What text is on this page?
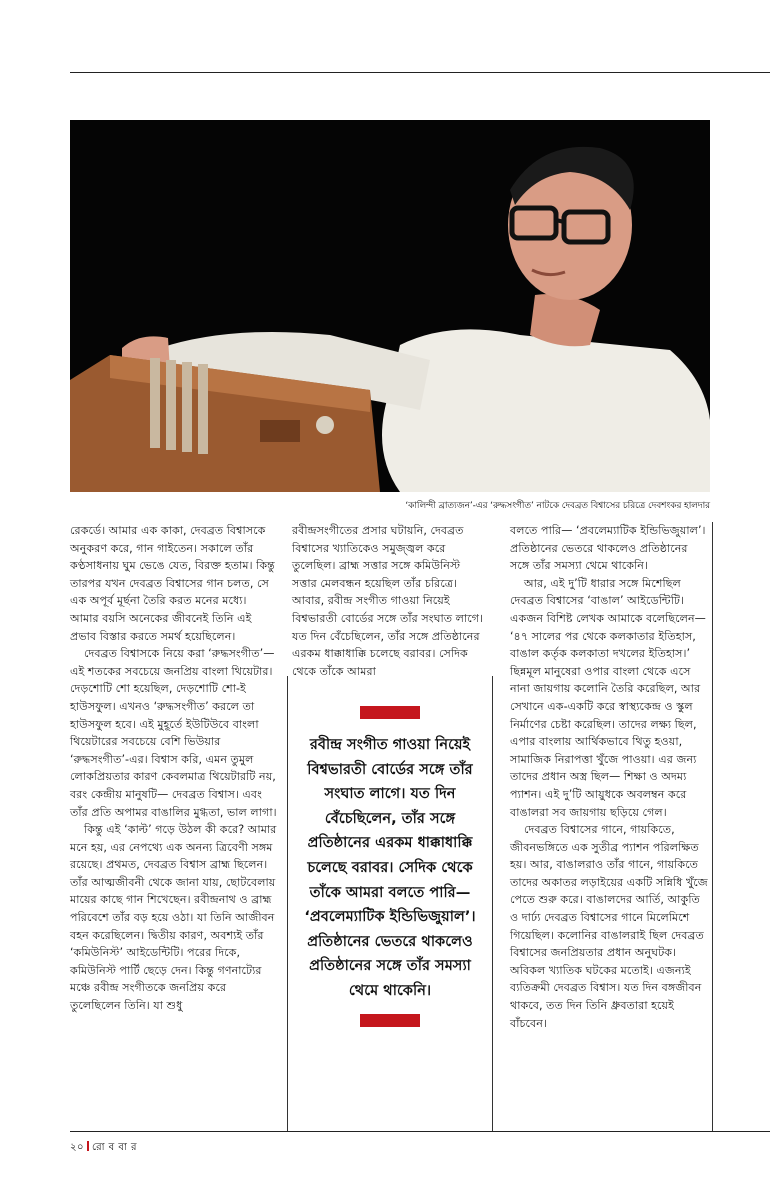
‘কালিন্দী ব্রাত্যজন’-এর ‘রুদ্ধসংগীত’ নাটকে দেবব্রত বিশ্বাসের চরিত্রে দেবশংকর হালদার

রেকর্ডে। আমার এক কাকা, দেবব্রত বিশ্বাসকে অনুকরণ করে, গান গাইতেন। সকালে তাঁর কণ্ঠসাধনায় ঘুম ভেঙে যেত, বিরক্ত হতাম। কিন্তু তারপর যখন দেবব্রত বিশ্বাসের গান চলত, সে এক অপূর্ব মূর্ছনা তৈরি করত মনের মধ্যে। আমার বয়সি অনেকের জীবনেই তিনি এই প্রভাব বিস্তার করতে সমর্থ হয়েছিলেন।

দেবব্রত বিশ্বাসকে নিয়ে করা ‘রুদ্ধসংগীত’— এই শতকের সবচেয়ে জনপ্রিয় বাংলা থিয়েটার। দেড়শোটি শো হয়েছিল, দেড়শোটি শো-ই হাউসফুল। এখনও ‘রুদ্ধসংগীত’ করলে তা হাউসফুল হবে। এই মুহূর্তে ইউটিউবে বাংলা থিয়েটারের সবচেয়ে বেশি ভিউয়ার ‘রুদ্ধসংগীত’-এর। বিশ্বাস করি, এমন তুমুল লোকপ্রিয়তার কারণ কেবলমাত্র থিয়েটারটি নয়, বরং কেন্দ্রীয় মানুষটি— দেবব্রত বিশ্বাস। এবং তাঁর প্রতি অপামর বাঙালির মুগ্ধতা, ভাল লাগা।

কিন্তু এই ‘কাল্ট’ গড়ে উঠল কী করে? আমার মনে হয়, এর নেপথ্যে এক অনন্য ত্রিবেণী সঙ্গম রয়েছে। প্রথমত, দেবব্রত বিশ্বাস ব্রাহ্ম ছিলেন। তাঁর আত্মজীবনী থেকে জানা যায়, ছোটবেলায় মায়ের কাছে গান শিখেছেন। রবীন্দ্রনাথ ও ব্রাহ্ম পরিবেশে তাঁর বড় হয়ে ওঠা। যা তিনি আজীবন বহন করেছিলেন। দ্বিতীয় কারণ, অবশ্যই তাঁর ‘কমিউনিস্ট’ আইডেন্টিটি। পরের দিকে, কমিউনিস্ট পার্টি ছেড়ে দেন। কিন্তু গণনাট্যের মঞ্চে রবীন্দ্র সংগীতকে জনপ্রিয় করে তুলেছিলেন তিনি। যা শুধু

রবীন্দ্রসংগীতের প্রসার ঘটায়নি, দেবব্রত বিশ্বাসের খ্যাতিকেও সমুজ্জ্বল করে তুলেছিল। ব্রাহ্ম সত্তার সঙ্গে কমিউনিস্ট সত্তার মেলবন্ধন হয়েছিল তাঁর চরিত্রে। আবার, রবীন্দ্র সংগীত গাওয়া নিয়েই বিশ্বভারতী বোর্ডের সঙ্গে তাঁর সংঘাত লাগে। যত দিন বেঁচেছিলেন, তাঁর সঙ্গে প্রতিষ্ঠানের এরকম ধাক্কাধাক্কি চলেছে বরাবর। সেদিক থেকে তাঁকে আমরা

রবীন্দ্র সংগীত গাওয়া নিয়েই বিশ্বভারতী বোর্ডের সঙ্গে তাঁর সংঘাত লাগে। যত দিন বেঁচেছিলেন, তাঁর সঙ্গে প্রতিষ্ঠানের এরকম ধাক্কাধাক্কি চলেছে বরাবর। সেদিক থেকে তাঁকে আমরা বলতে পারি— ‘প্রবলেম্যাটিক ইন্ডিভিজুয়াল’। প্রতিষ্ঠানের ভেতরে থাকলেও প্রতিষ্ঠানের সঙ্গে তাঁর সমস্যা থেমে থাকেনি।

বলতে পারি— ‘প্রবলেম্যাটিক ইন্ডিভিজুয়াল’। প্রতিষ্ঠানের ভেতরে থাকলেও প্রতিষ্ঠানের সঙ্গে তাঁর সমস্যা থেমে থাকেনি।

আর, এই দু’টি ধারার সঙ্গে মিশেছিল দেবব্রত বিশ্বাসের ‘বাঙাল’ আইডেন্টিটি। একজন বিশিষ্ট লেখক আমাকে বলেছিলেন— ‘৪৭ সালের পর থেকে কলকাতার ইতিহাস, বাঙাল কর্তৃক কলকাতা দখলের ইতিহাস।’ ছিন্নমূল মানুষেরা ওপার বাংলা থেকে এসে নানা জায়গায় কলোনি তৈরি করেছিল, আর সেখানে এক-একটি করে স্বাস্থ্যকেন্দ্র ও স্কুল নির্মাণের চেষ্টা করেছিল। তাদের লক্ষ্য ছিল, এপার বাংলায় আর্থিকভাবে থিতু হওয়া, সামাজিক নিরাপত্তা খুঁজে পাওয়া। এর জন্য তাদের প্রধান অস্ত্র ছিল— শিক্ষা ও অদম্য প্যাশন। এই দু’টি আয়ুধকে অবলম্বন করে বাঙালরা সব জায়গায় ছড়িয়ে গেল।

দেবব্রত বিশ্বাসের গানে, গায়কিতে, জীবনভঙ্গিতে এক সুতীব্র প্যাশন পরিলক্ষিত হয়। আর, বাঙালরাও তাঁর গানে, গায়কিতে তাদের অকাতর লড়াইয়ের একটি সন্নিধি খুঁজে পেতে শুরু করে। বাঙালদের আর্তি, আকুতি ও দার্ঢ্য দেবব্রত বিশ্বাসের গানে মিলেমিশে গিয়েছিল। কলোনির বাঙালরাই ছিল দেবব্রত বিশ্বাসের জনপ্রিয়তার প্রধান অনুঘটক। অবিকল খ্যাতিক ঘটকের মতোই। এজন্যই ব্যতিক্রমী দেবব্রত বিশ্বাস। যত দিন বঙ্গজীবন থাকবে, তত দিন তিনি ধ্রুবতারা হয়েই বাঁচবেন।

২০ রো ব বা র
